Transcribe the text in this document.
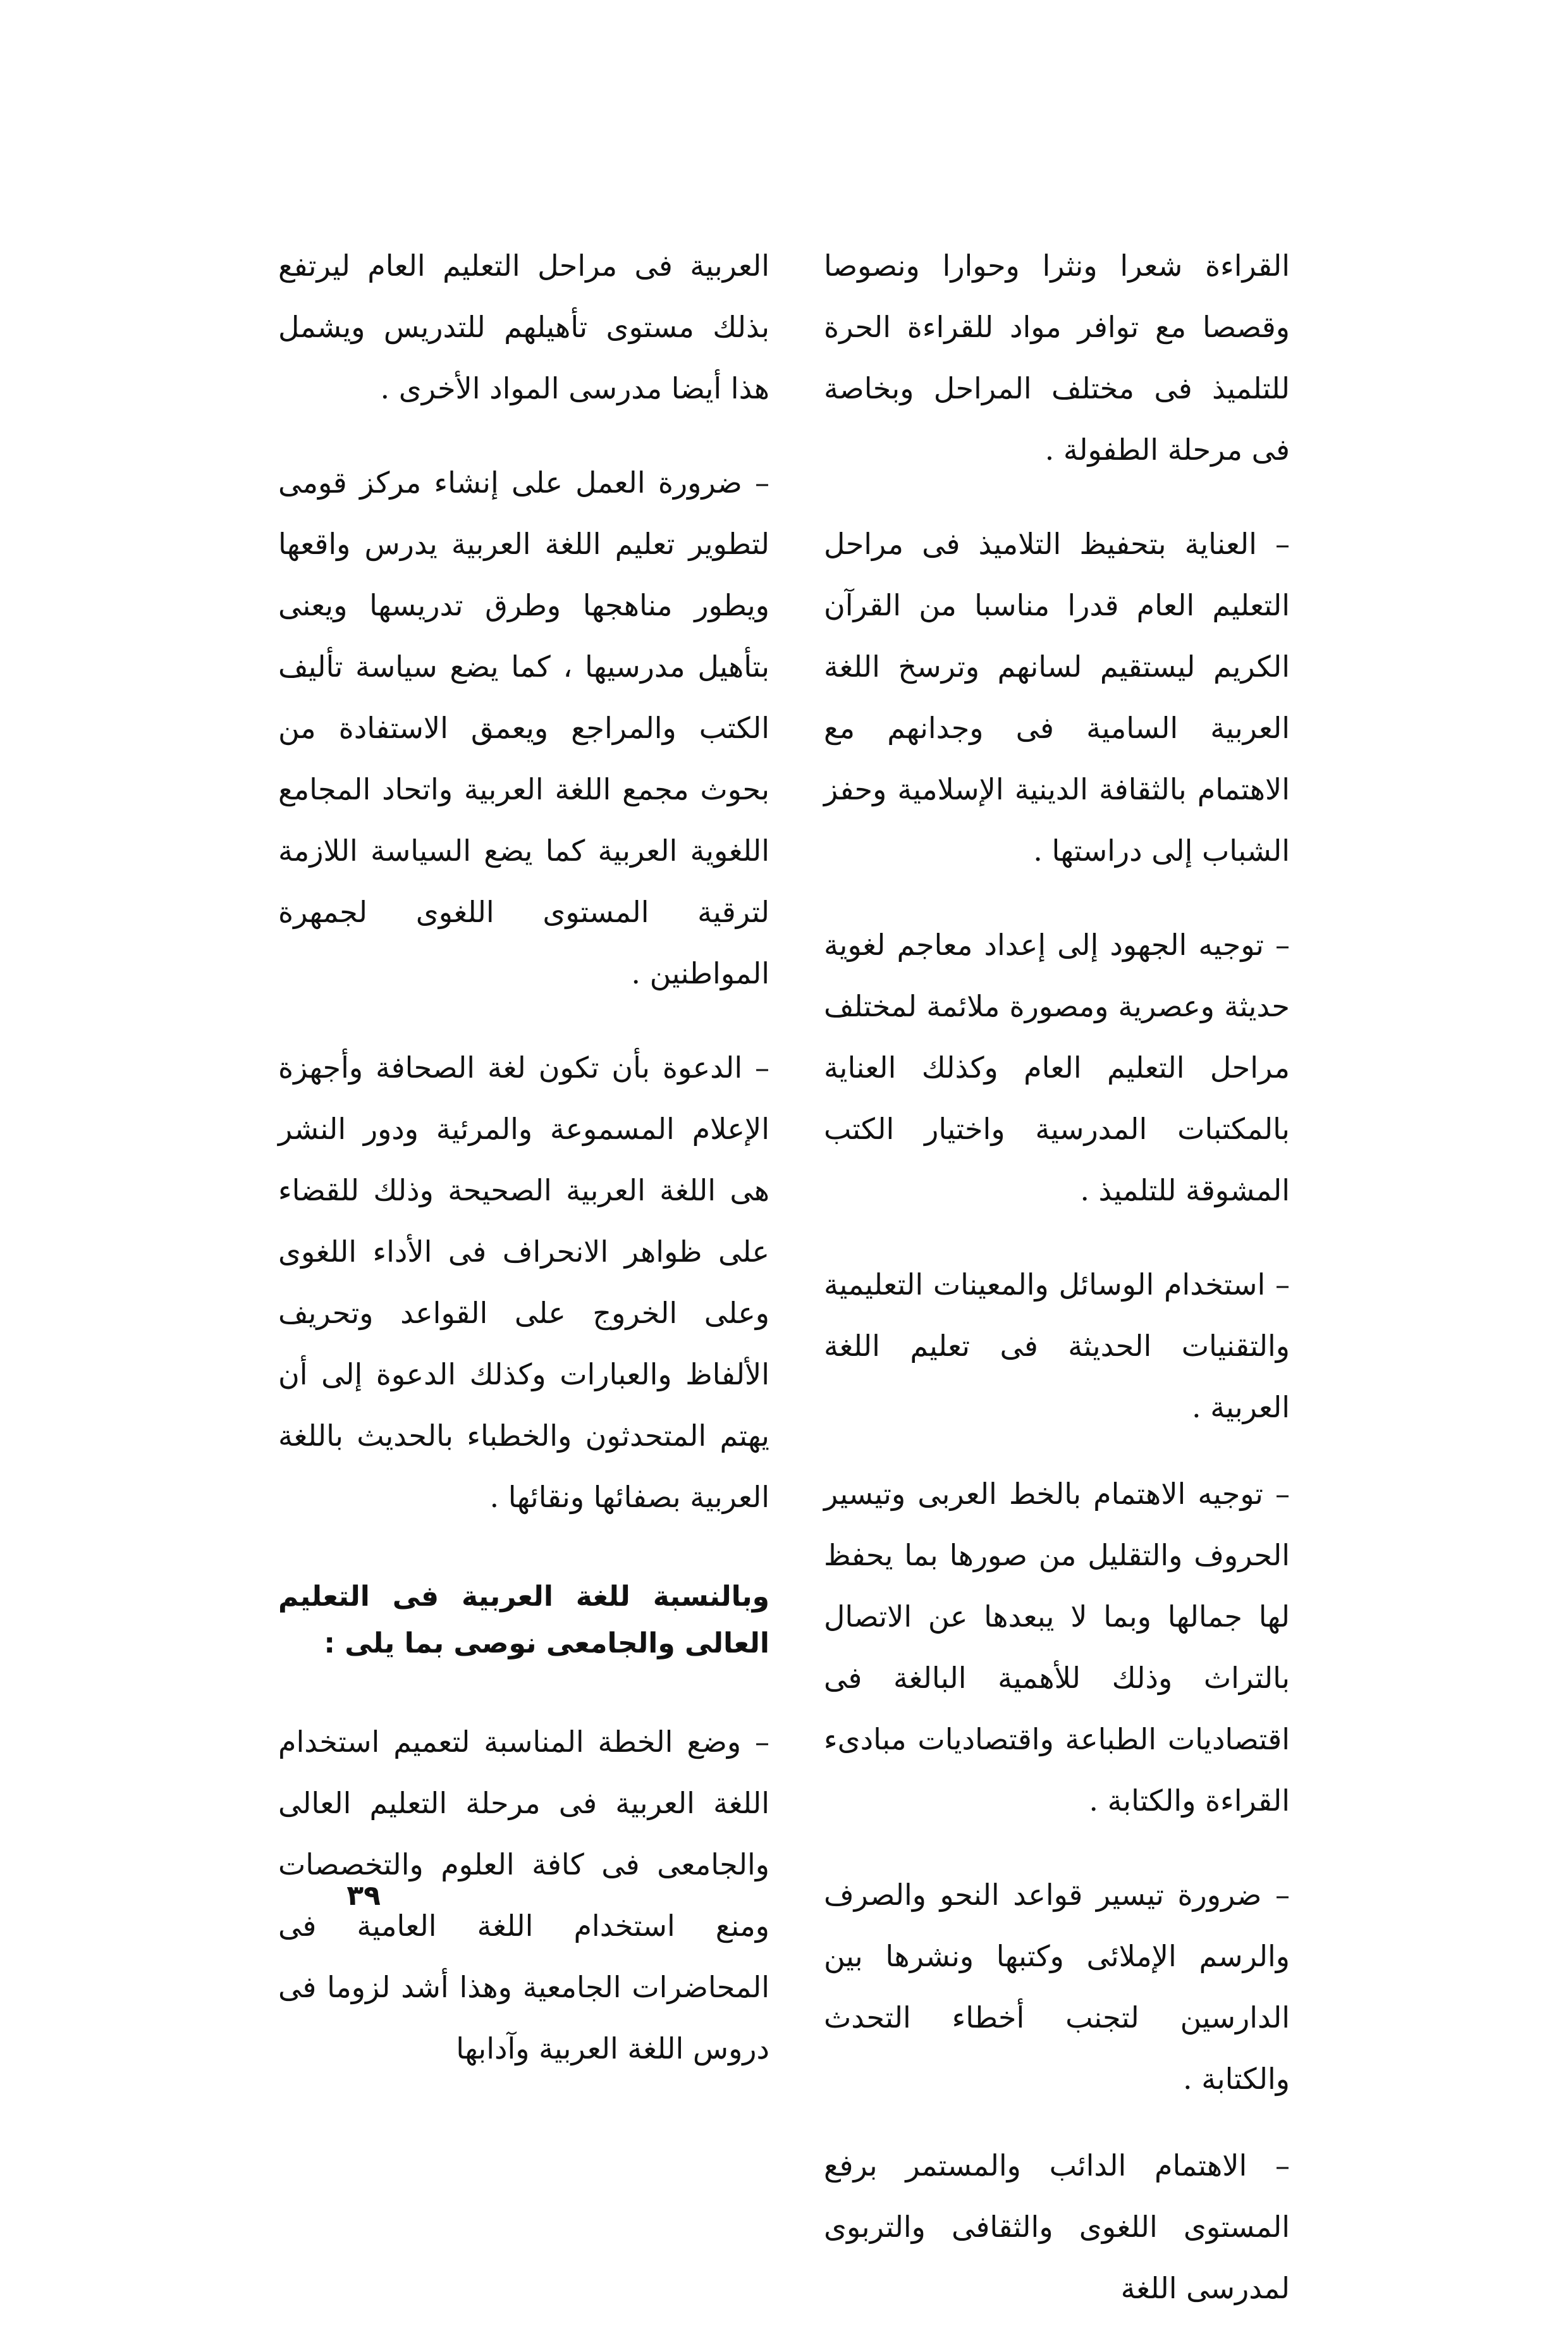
القراءة شعرا ونثرا وحوارا ونصوصا وقصصا مع توافر مواد للقراءة الحرة للتلميذ فى مختلف المراحل وبخاصة فى مرحلة الطفولة .

– العناية بتحفيظ التلاميذ فى مراحل التعليم العام قدرا مناسبا من القرآن الكريم ليستقيم لسانهم وترسخ اللغة العربية السامية فى وجدانهم مع الاهتمام بالثقافة الدينية الإسلامية وحفز الشباب إلى دراستها .

– توجيه الجهود إلى إعداد معاجم لغوية حديثة وعصرية ومصورة ملائمة لمختلف مراحل التعليم العام وكذلك العناية بالمكتبات المدرسية واختيار الكتب المشوقة للتلميذ .

– استخدام الوسائل والمعينات التعليمية والتقنيات الحديثة فى تعليم اللغة العربية .

– توجيه الاهتمام بالخط العربى وتيسير الحروف والتقليل من صورها بما يحفظ لها جمالها وبما لا يبعدها عن الاتصال بالتراث وذلك للأهمية البالغة فى اقتصاديات الطباعة واقتصاديات مبادىء القراءة والكتابة .

– ضرورة تيسير قواعد النحو والصرف والرسم الإملائى وكتبها ونشرها بين الدارسين لتجنب أخطاء التحدث والكتابة .

– الاهتمام الدائب والمستمر برفع المستوى اللغوى والثقافى والتربوى لمدرسى اللغة

العربية فى مراحل التعليم العام ليرتفع بذلك مستوى تأهيلهم للتدريس ويشمل هذا أيضا مدرسى المواد الأخرى .

– ضرورة العمل على إنشاء مركز قومى لتطوير تعليم اللغة العربية يدرس واقعها ويطور مناهجها وطرق تدريسها ويعنى بتأهيل مدرسيها ، كما يضع سياسة تأليف الكتب والمراجع ويعمق الاستفادة من بحوث مجمع اللغة العربية واتحاد المجامع اللغوية العربية كما يضع السياسة اللازمة لترقية المستوى اللغوى لجمهرة المواطنين .

– الدعوة بأن تكون لغة الصحافة وأجهزة الإعلام المسموعة والمرئية ودور النشر هى اللغة العربية الصحيحة وذلك للقضاء على ظواهر الانحراف فى الأداء اللغوى وعلى الخروج على القواعد وتحريف الألفاظ والعبارات وكذلك الدعوة إلى أن يهتم المتحدثون والخطباء بالحديث باللغة العربية بصفائها ونقائها .

وبالنسبة للغة العربية فى التعليم العالى والجامعى نوصى بما يلى :

– وضع الخطة المناسبة لتعميم استخدام اللغة العربية فى مرحلة التعليم العالى والجامعى فى كافة العلوم والتخصصات ومنع استخدام اللغة العامية فى المحاضرات الجامعية وهذا أشد لزوما فى دروس اللغة العربية وآدابها

٣٩
